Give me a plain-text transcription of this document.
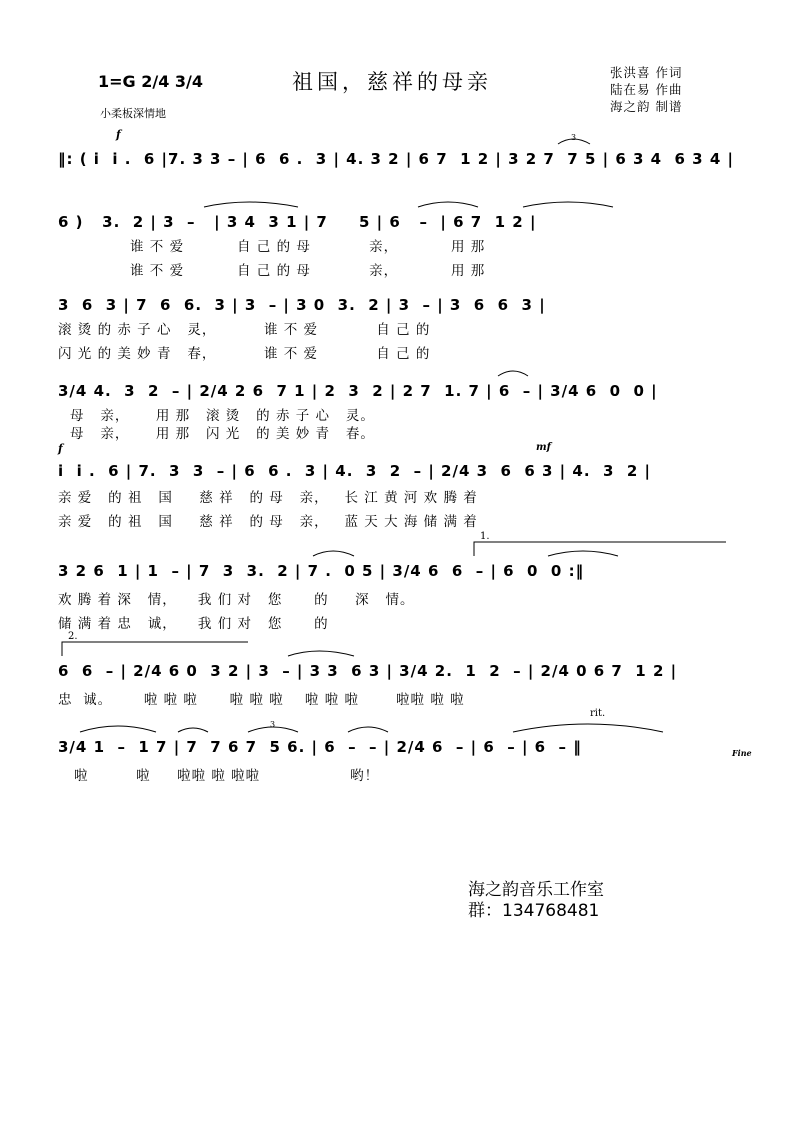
1=G 2/4 3/4
小柔板深情地
祖国，慈祥的母亲	张洪喜 作词
陆在易 作曲
海之韵 制谱
f
‖: ( i  i .  6 |7. 3 3 – | 6  6 .  3 | 4. 3 2 | 6 7  1 2 | 3 2 7  7 5 | 6 3 4  6 3 4 |
3
6 )   3.  2 | 3  –   | 3 4  3 1 | 7     5 | 6   –  | 6 7  1 2 |
谁 不 爱          自 己 的 母           亲，          用 那
谁 不 爱          自 己 的 母           亲，          用 那
3  6  3 | 7  6  6.  3 | 3  – | 3 0  3.  2 | 3  – | 3  6  6  3 |
滚 烫 的 赤 子 心   灵，         谁 不 爱           自 己 的
闪 光 的 美 妙 青   春，         谁 不 爱           自 己 的
3/4 4.  3  2  – | 2/4 2 6  7 1 | 2  3  2 | 2 7  1. 7 | 6  – | 3/4 6  0  0 |
母   亲，     用 那   滚 烫   的 赤 子 心   灵。
母   亲，     用 那   闪 光   的 美 妙 青   春。
f	mf
i  i .  6 | 7.  3  3  – | 6  6 .  3 | 4.  3  2  – | 2/4 3  6  6 3 | 4.  3  2 |
亲 爱   的 祖   国     慈 祥   的 母   亲，   长 江 黄 河 欢 腾 着
亲 爱   的 祖   国     慈 祥   的 母   亲，   蓝 天 大 海 储 满 着
1.
3 2 6  1 | 1  – | 7  3  3.  2 | 7 .  0 5 | 3/4 6  6  – | 6  0  0 :‖
欢 腾 着 深   情，    我 们 对   您      的     深   情。
储 满 着 忠   诚，    我 们 对   您      的
2.
6  6  – | 2/4 6 0  3 2 | 3  – | 3 3  6 3 | 3/4 2.  1  2  – | 2/4 0 6 7  1 2 |
忠  诚。      啦 啦 啦      啦 啦 啦    啦 啦 啦       啦啦 啦 啦
3
rit.
3/4 1  –  1 7 | 7  7 6 7  5 6. | 6  –  – | 2/4 6  – | 6  – | 6  – ‖	Fine
啦         啦     啦啦 啦 啦啦                 哟！
海之韵音乐工作室
群：134768481
